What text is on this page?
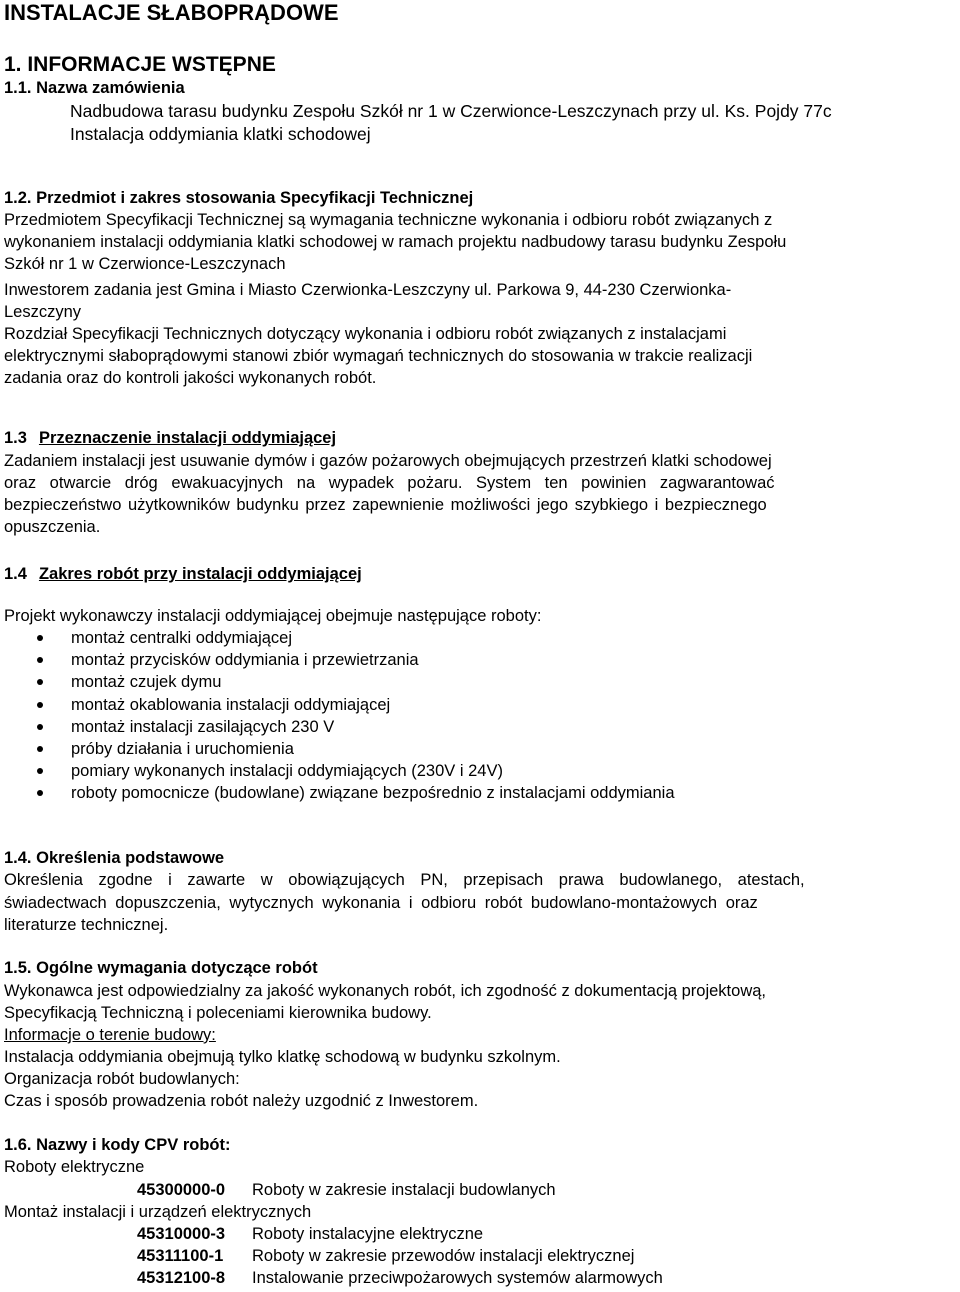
INSTALACJE SŁABOPRĄDOWE
1. INFORMACJE WSTĘPNE
1.1. Nazwa zamówienia
Nadbudowa tarasu budynku Zespołu Szkół nr 1 w Czerwionce-Leszczynach przy ul. Ks. Pojdy 77c
Instalacja oddymiania klatki schodowej
1.2. Przedmiot i zakres stosowania Specyfikacji Technicznej
Przedmiotem Specyfikacji Technicznej są wymagania techniczne wykonania i odbioru robót związanych z
wykonaniem instalacji oddymiania klatki schodowej w ramach projektu nadbudowy tarasu budynku Zespołu
Szkół nr 1 w Czerwionce-Leszczynach
Inwestorem zadania jest Gmina i Miasto Czerwionka-Leszczyny ul. Parkowa 9, 44-230 Czerwionka-
Leszczyny
Rozdział Specyfikacji Technicznych dotyczący wykonania i odbioru robót związanych z instalacjami
elektrycznymi słaboprądowymi stanowi zbiór wymagań technicznych do stosowania w trakcie realizacji
zadania oraz do kontroli jakości wykonanych robót.
1.3 Przeznaczenie instalacji oddymiającej
Zadaniem instalacji jest usuwanie dymów i gazów pożarowych obejmujących przestrzeń klatki schodowej
oraz otwarcie dróg ewakuacyjnych na wypadek pożaru. System ten powinien zagwarantować
bezpieczeństwo użytkowników budynku przez zapewnienie możliwości jego szybkiego i bezpiecznego
opuszczenia.
1.4 Zakres robót przy instalacji oddymiającej
Projekt wykonawczy instalacji oddymiającej obejmuje następujące roboty:
montaż centralki oddymiającej
montaż przycisków oddymiania i przewietrzania
montaż czujek dymu
montaż okablowania instalacji oddymiającej
montaż instalacji zasilających 230 V
próby działania i uruchomienia
pomiary wykonanych instalacji oddymiających (230V i 24V)
roboty pomocnicze (budowlane) związane bezpośrednio z instalacjami oddymiania
1.4. Określenia podstawowe
Określenia zgodne i zawarte w obowiązujących PN, przepisach prawa budowlanego, atestach,
świadectwach dopuszczenia, wytycznych wykonania i odbioru robót budowlano-montażowych oraz
literaturze technicznej.
1.5. Ogólne wymagania dotyczące robót
Wykonawca jest odpowiedzialny za jakość wykonanych robót, ich zgodność z dokumentacją projektową,
Specyfikacją Techniczną i poleceniami kierownika budowy.
Informacje o terenie budowy:
Instalacja oddymiania obejmują tylko klatkę schodową w budynku szkolnym.
Organizacja robót budowlanych:
Czas i sposób prowadzenia robót należy uzgodnić z Inwestorem.
1.6. Nazwy i kody CPV robót:
Roboty elektryczne
45300000-0 Roboty w zakresie instalacji budowlanych
Montaż instalacji i urządzeń elektrycznych
45310000-3 Roboty instalacyjne elektryczne
45311100-1 Roboty w zakresie przewodów instalacji elektrycznej
45312100-8 Instalowanie przeciwpożarowych systemów alarmowych
